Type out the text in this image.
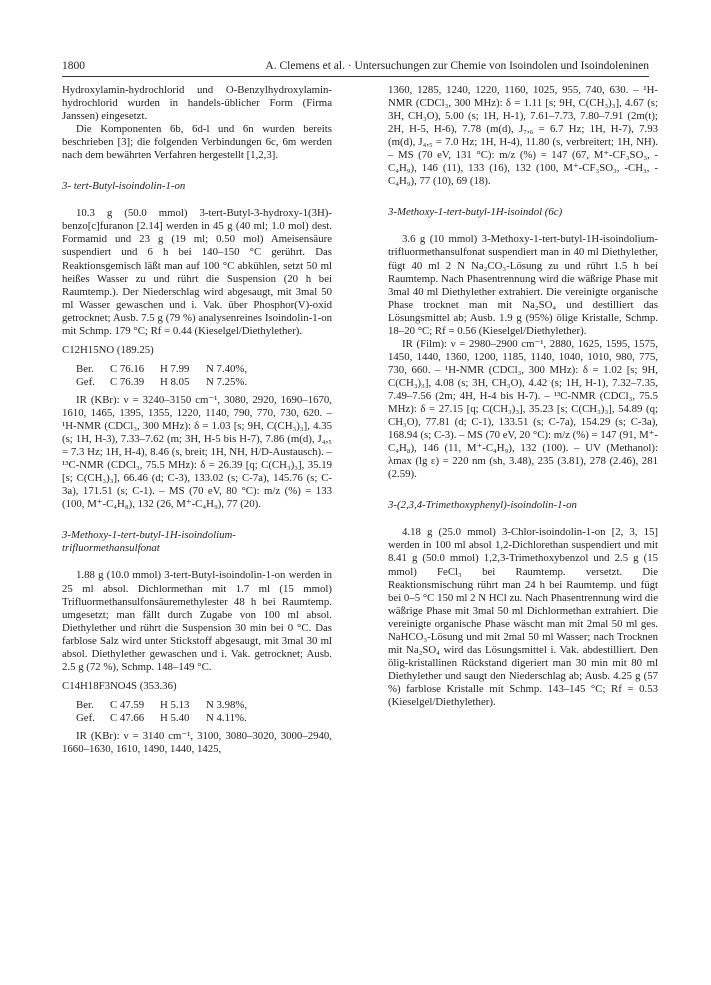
1800	A. Clemens et al. · Untersuchungen zur Chemie von Isoindolen und Isoindoleninen

Hydroxylamin-hydrochlorid und O-Benzylhydroxylamin-hydrochlorid wurden in handels-üblicher Form (Firma Janssen) eingesetzt.

Die Komponenten 6b, 6d-l und 6n wurden bereits beschrieben [3]; die folgenden Verbindungen 6c, 6m werden nach dem bewährten Verfahren hergestellt [1,2,3].

3- tert-Butyl-isoindolin-1-on

10.3 g (50.0 mmol) 3-tert-Butyl-3-hydroxy-1(3H)-benzo[c]furanon [2.14] werden in 45 g (40 ml; 1.0 mol) dest. Formamid und 23 g (19 ml; 0.50 mol) Ameisensäure suspendiert und 6 h bei 140–150 °C gerührt. Das Reaktionsgemisch läßt man auf 100 °C abkühlen, setzt 50 ml heißes Wasser zu und rührt die Suspension (20 h bei Raumtemp.). Der Niederschlag wird abgesaugt, mit 3mal 50 ml Wasser gewaschen und i. Vak. über Phosphor(V)-oxid getrocknet; Ausb. 7.5 g (79 %) analysenreines Isoindolin-1-on mit Schmp. 179 °C; Rf = 0.44 (Kieselgel/Diethylether).

C12H15NO (189.25)
Ber.	C 76.16	H 7.99	N 7.40%,
Gef.	C 76.39	H 8.05	N 7.25%.

IR (KBr): ν = 3240–3150 cm⁻¹, 3080, 2920, 1690–1670, 1610, 1465, 1395, 1355, 1220, 1140, 790, 770, 730, 620. – ¹H-NMR (CDCl₃, 300 MHz): δ = 1.03 [s; 9H, C(CH₃)₃], 4.35 (s; 1H, H-3), 7.33–7.62 (m; 3H, H-5 bis H-7), 7.86 (m(d), J₄,₅ = 7.3 Hz; 1H, H-4), 8.46 (s, breit; 1H, NH, H/D-Austausch). – ¹³C-NMR (CDCl₃, 75.5 MHz): δ = 26.39 [q; C(CH₃)₃], 35.19 [s; C(CH₃)₃], 66.46 (d; C-3), 133.02 (s; C-7a), 145.76 (s; C-3a), 171.51 (s; C-1). – MS (70 eV, 80 °C): m/z (%) = 133 (100, M⁺-C₄H₈), 132 (26, M⁺-C₄H₉), 77 (20).

3-Methoxy-1-tert-butyl-1H-isoindolium-trifluormethansulfonat

1.88 g (10.0 mmol) 3-tert-Butyl-isoindolin-1-on werden in 25 ml absol. Dichlormethan mit 1.7 ml (15 mmol) Trifluormethansulfonsäuremethylester 48 h bei Raumtemp. umgesetzt; man fällt durch Zugabe von 100 ml absol. Diethylether und rührt die Suspension 30 min bei 0 °C. Das farblose Salz wird unter Stickstoff abgesaugt, mit 3mal 30 ml absol. Diethylether gewaschen und i. Vak. getrocknet; Ausb. 2.5 g (72 %), Schmp. 148–149 °C.

C14H18F3NO4S (353.36)
Ber.	C 47.59	H 5.13	N 3.98%,
Gef.	C 47.66	H 5.40	N 4.11%.

IR (KBr): ν = 3140 cm⁻¹, 3100, 3080–3020, 3000–2940, 1660–1630, 1610, 1490, 1440, 1425,

1360, 1285, 1240, 1220, 1160, 1025, 955, 740, 630. – ¹H-NMR (CDCl₃, 300 MHz): δ = 1.11 [s; 9H, C(CH₃)₃], 4.67 (s; 3H, CH₃O), 5.00 (s; 1H, H-1), 7.61–7.73, 7.80–7.91 (2m(t); 2H, H-5, H-6), 7.78 (m(d), J₇,₆ = 6.7 Hz; 1H, H-7), 7.93 (m(d), J₄,₅ = 7.0 Hz; 1H, H-4), 11.80 (s, verbreitert; 1H, NH). – MS (70 eV, 131 °C): m/z (%) = 147 (67, M⁺-CF₃SO₃, -C₄H₉), 146 (11), 133 (16), 132 (100, M⁺-CF₃SO₃, -CH₃, -C₄H₉), 77 (10), 69 (18).

3-Methoxy-1-tert-butyl-1H-isoindol (6c)

3.6 g (10 mmol) 3-Methoxy-1-tert-butyl-1H-isoindolium-trifluormethansulfonat suspendiert man in 40 ml Diethylether, fügt 40 ml 2 N Na₂CO₃-Lösung zu und rührt 1.5 h bei Raumtemp. Nach Phasentrennung wird die wäßrige Phase mit 3mal 40 ml Diethylether extrahiert. Die vereinigte organische Phase trocknet man mit Na₂SO₄ und destilliert das Lösungsmittel ab; Ausb. 1.9 g (95%) ölige Kristalle, Schmp. 18–20 °C; Rf = 0.56 (Kieselgel/Diethylether).

IR (Film): ν = 2980–2900 cm⁻¹, 2880, 1625, 1595, 1575, 1450, 1440, 1360, 1200, 1185, 1140, 1040, 1010, 980, 775, 730, 660. – ¹H-NMR (CDCl₃, 300 MHz): δ = 1.02 [s; 9H, C(CH₃)₃], 4.08 (s; 3H, CH₃O), 4.42 (s; 1H, H-1), 7.32–7.35, 7.49–7.56 (2m; 4H, H-4 bis H-7). – ¹³C-NMR (CDCl₃, 75.5 MHz): δ = 27.15 [q; C(CH₃)₃], 35.23 [s; C(CH₃)₃], 54.89 (q; CH₃O), 77.81 (d; C-1), 133.51 (s; C-7a), 154.29 (s; C-3a), 168.94 (s; C-3). – MS (70 eV, 20 °C): m/z (%) = 147 (91, M⁺-C₄H₈), 146 (11, M⁺-C₄H₉), 132 (100). – UV (Methanol): λmax (lg ε) = 220 nm (sh, 3.48), 235 (3.81), 278 (2.46), 281 (2.59).

3-(2,3,4-Trimethoxyphenyl)-isoindolin-1-on

4.18 g (25.0 mmol) 3-Chlor-isoindolin-1-on [2, 3, 15] werden in 100 ml absol 1,2-Dichlorethan suspendiert und mit 8.41 g (50.0 mmol) 1,2,3-Trimethoxybenzol und 2.5 g (15 mmol) FeCl₃ bei Raumtemp. versetzt. Die Reaktionsmischung rührt man 24 h bei Raumtemp. und fügt bei 0–5 °C 150 ml 2 N HCl zu. Nach Phasentrennung wird die wäßrige Phase mit 3mal 50 ml Dichlormethan extrahiert. Die vereinigte organische Phase wäscht man mit 2mal 50 ml ges. NaHCO₃-Lösung und mit 2mal 50 ml Wasser; nach Trocknen mit Na₂SO₄ wird das Lösungsmittel i. Vak. abdestilliert. Den ölig-kristallinen Rückstand digeriert man 30 min mit 80 ml Diethylether und saugt den Niederschlag ab; Ausb. 4.25 g (57 %) farblose Kristalle mit Schmp. 143–145 °C; Rf = 0.53 (Kieselgel/Diethylether).
